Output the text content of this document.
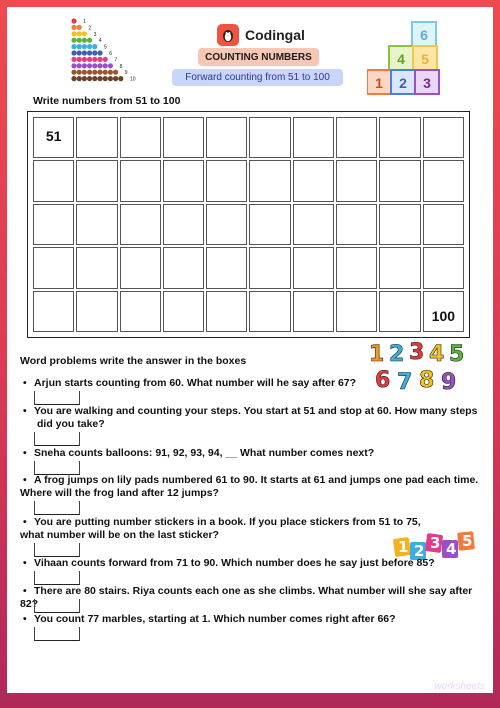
1
2
3
4
5
6
7
8
9
10
Codingal
COUNTING NUMBERS
Forward counting from 51 to 100
6
4 5
1 2 3
Write numbers from 51 to 100
51
100
Word problems write the answer in the boxes	1 2 3 4 5
6 7 8 9
1 2 3 4 5
• Arjun starts counting from 60. What number will he say after 67?
• You are walking and counting your steps. You start at 51 and stop at 60. How many steps
did you take?
• Sneha counts balloons: 91, 92, 93, 94, __ What number comes next?
• A frog jumps on lily pads numbered 61 to 90. It starts at 61 and jumps one pad each time.
Where will the frog land after 12 jumps?
• You are putting number stickers in a book. If you place stickers from 51 to 75,
what number will be on the last sticker?
• Vihaan counts forward from 71 to 90. Which number does he say just before 85?
• There are 80 stairs. Riya counts each one as she climbs. What number will she say after 82?
• You count 77 marbles, starting at 1. Which number comes right after 66?
TOP
worksheets
